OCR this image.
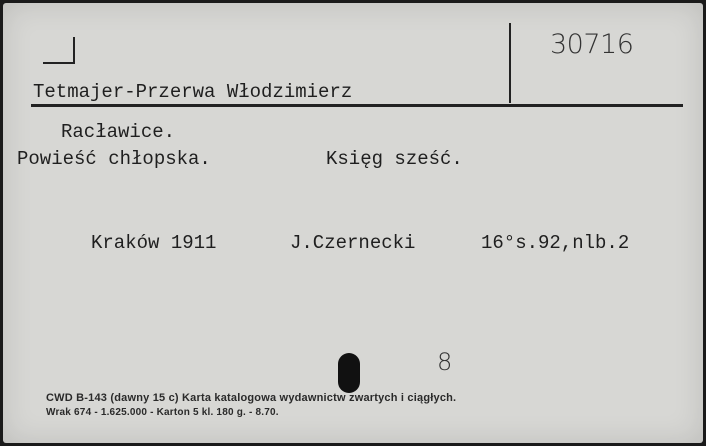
30716
Tetmajer-Przerwa Włodzimierz
Racławice.
Powieść chłopska.	Księg sześć.
Kraków 1911	J.Czernecki	16°s.92,nlb.2
8
CWD B-143 (dawny 15 c) Karta katalogowa wydawnictw zwartych i ciągłych.
Wrak 674 - 1.625.000 - Karton 5 kl. 180 g. - 8.70.
